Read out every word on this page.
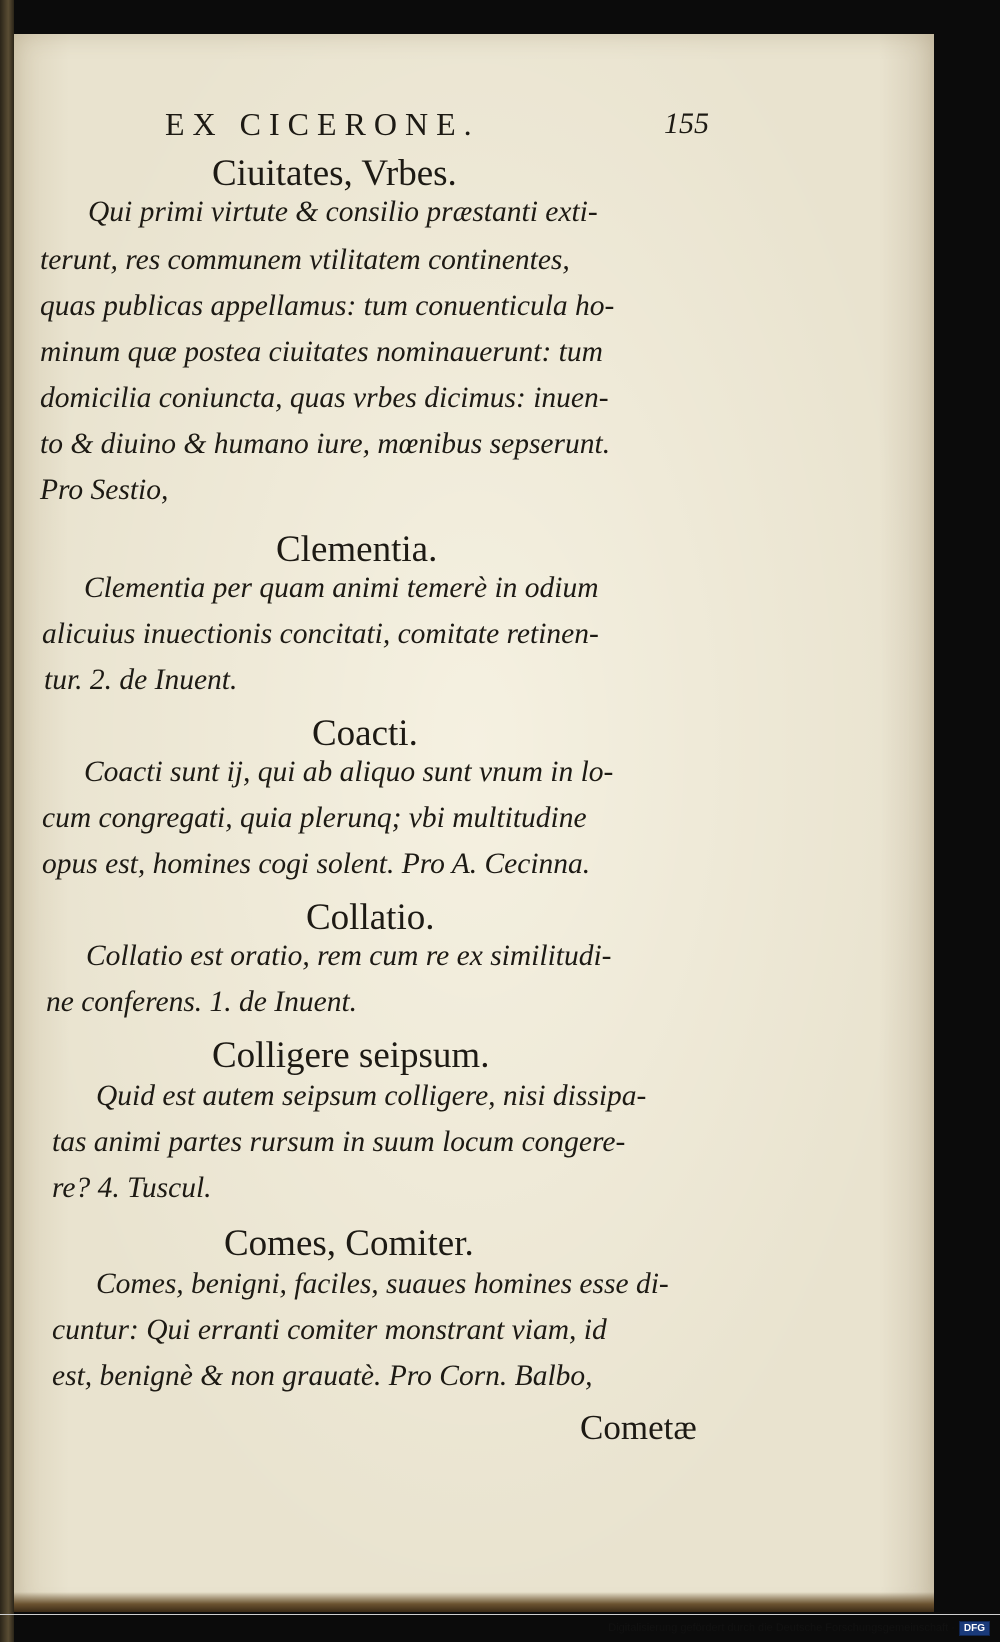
EX CICERONE.	155
Ciuitates, Vrbes.
Qui primi virtute & consilio præstanti exti-
terunt, res communem vtilitatem continentes,
quas publicas appellamus: tum conuenticula ho-
minum quæ postea ciuitates nominauerunt: tum
domicilia coniuncta, quas vrbes dicimus: inuen-
to & diuino & humano iure, mœnibus sepserunt.
Pro Sestio,
Clementia.
Clementia per quam animi temerè in odium
alicuius inuectionis concitati, comitate retinen-
tur. 2. de Inuent.
Coacti.
Coacti sunt ij, qui ab aliquo sunt vnum in lo-
cum congregati, quia plerunq; vbi multitudine
opus est, homines cogi solent. Pro A. Cecinna.
Collatio.
Collatio est oratio, rem cum re ex similitudi-
ne conferens. 1. de Inuent.
Colligere seipsum.
Quid est autem seipsum colligere, nisi dissipa-
tas animi partes rursum in suum locum congere-
re? 4. Tuscul.
Comes, Comiter.
Comes, benigni, faciles, suaues homines esse di-
cuntur: Qui erranti comiter monstrant viam, id
est, benignè & non grauatè. Pro Corn. Balbo,
Cometæ
Digitalisierung gefördert durch die Deutsche Forschungsgemeinschaft · DFG
